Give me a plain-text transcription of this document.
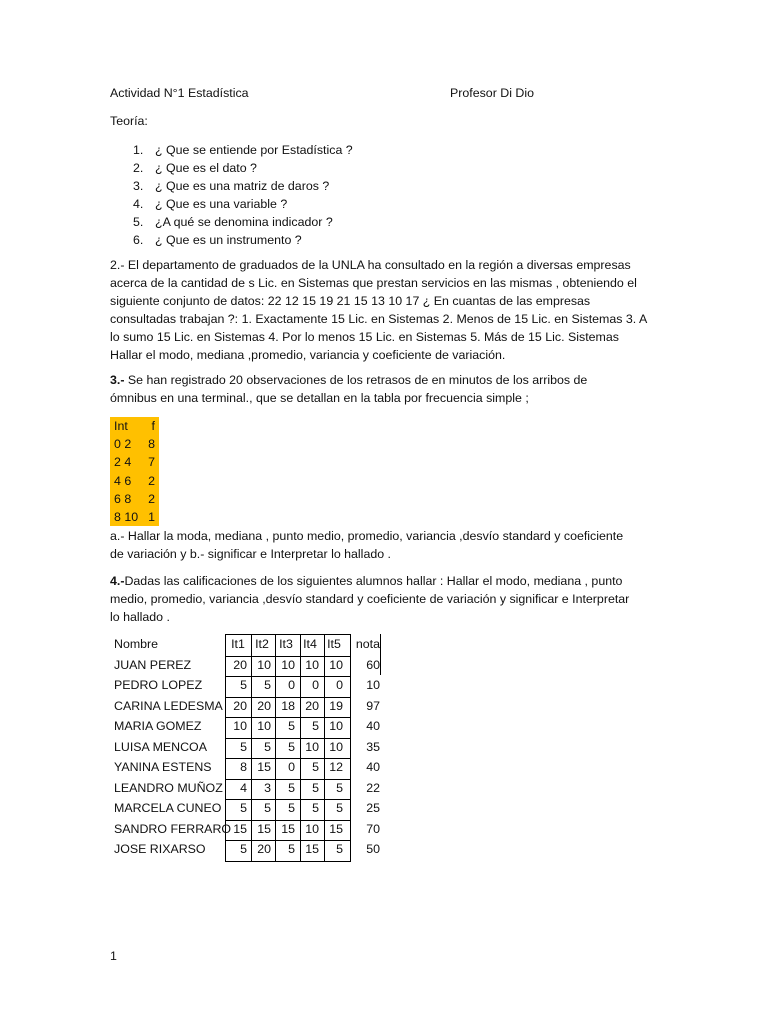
Actividad N°1 Estadística	Profesor Di Dio
Teoría:
1. ¿ Que se entiende por Estadística ?
2. ¿ Que es el dato ?
3. ¿ Que es una matriz de daros ?
4. ¿ Que es una variable ?
5. ¿A qué se denomina indicador ?
6. ¿ Que es un instrumento ?
2.- El departamento de graduados de la UNLA ha consultado en la región a diversas empresas
acerca de la cantidad de s Lic. en Sistemas que prestan servicios en las mismas , obteniendo el
siguiente conjunto de datos: 22 12 15 19 21 15 13 10 17 ¿ En cuantas de las empresas
consultadas trabajan ?: 1. Exactamente 15 Lic. en Sistemas 2. Menos de 15 Lic. en Sistemas 3. A
lo sumo 15 Lic. en Sistemas 4. Por lo menos 15 Lic. en Sistemas 5. Más de 15 Lic. Sistemas
Hallar el modo, mediana ,promedio, variancia y coeficiente de variación.
3.- Se han registrado 20 observaciones de los retrasos de en minutos de los arribos de
ómnibus en una terminal., que se detallan en la tabla por frecuencia simple ;
Int f
0 2 8
2 4 7
4 6 2
6 8 2
8 10 1
a.- Hallar la moda, mediana , punto medio, promedio, variancia ,desvío standard y coeficiente
de variación y b.- significar e Interpretar lo hallado .
4.-Dadas las calificaciones de los siguientes alumnos hallar : Hallar el modo, mediana , punto
medio, promedio, variancia ,desvío standard y coeficiente de variación y significar e Interpretar
lo hallado .
Nombre	It1 It2 It3 It4 It5	nota
JUAN PEREZ	20 10 10 10 10	60
PEDRO LOPEZ	5	5	0	0	0	10
CARINA LEDESMA 20 20 18 20 19	97
MARIA GOMEZ	10 10	5	5 10	40
LUISA MENCOA	5	5	5 10 10	35
YANINA ESTENS	8 15	0	5 12	40
LEANDRO MUÑOZ	4	3	5	5	5	22
MARCELA CUNEO	5	5	5	5	5	25
SANDRO FERRARO 15 15 15 10 15	70
JOSE RIXARSO	5 20	5 15	5	50
1
